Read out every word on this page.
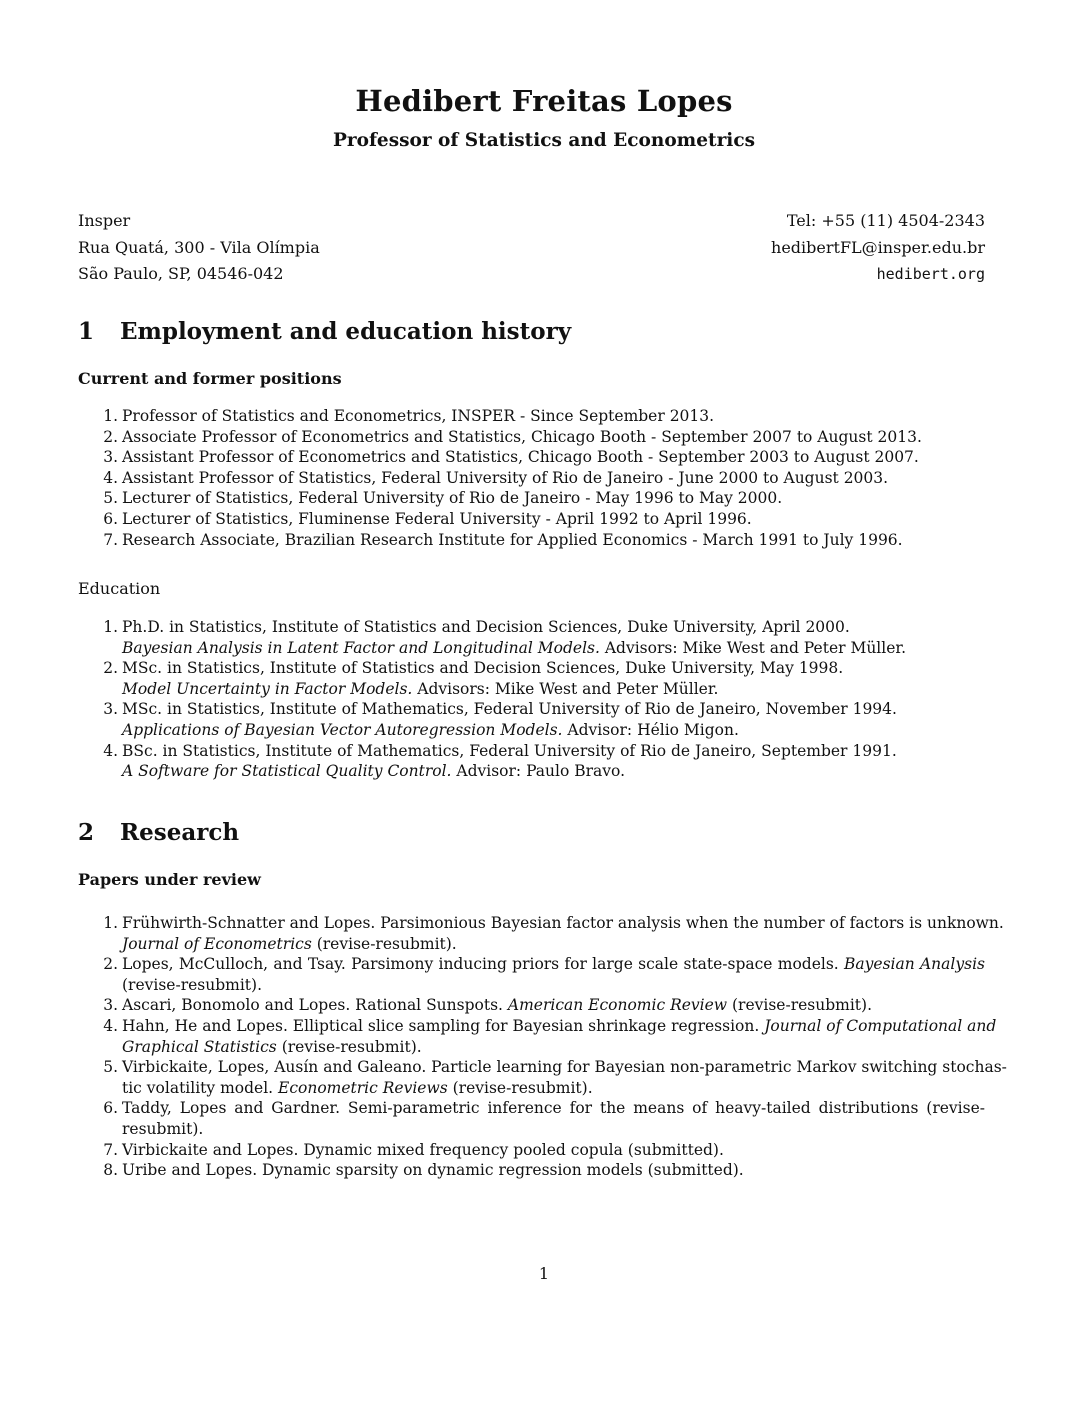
Hedibert Freitas Lopes
Professor of Statistics and Econometrics
Insper
Rua Quatá, 300 - Vila Olímpia
São Paulo, SP, 04546-042
Tel: +55 (11) 4504-2343
hedibertFL@insper.edu.br
hedibert.org
1 Employment and education history
Current and former positions
1. Professor of Statistics and Econometrics, INSPER - Since September 2013.
2. Associate Professor of Econometrics and Statistics, Chicago Booth - September 2007 to August 2013.
3. Assistant Professor of Econometrics and Statistics, Chicago Booth - September 2003 to August 2007.
4. Assistant Professor of Statistics, Federal University of Rio de Janeiro - June 2000 to August 2003.
5. Lecturer of Statistics, Federal University of Rio de Janeiro - May 1996 to May 2000.
6. Lecturer of Statistics, Fluminense Federal University - April 1992 to April 1996.
7. Research Associate, Brazilian Research Institute for Applied Economics - March 1991 to July 1996.
Education
1. Ph.D. in Statistics, Institute of Statistics and Decision Sciences, Duke University, April 2000.
Bayesian Analysis in Latent Factor and Longitudinal Models. Advisors: Mike West and Peter Müller.
2. MSc. in Statistics, Institute of Statistics and Decision Sciences, Duke University, May 1998.
Model Uncertainty in Factor Models. Advisors: Mike West and Peter Müller.
3. MSc. in Statistics, Institute of Mathematics, Federal University of Rio de Janeiro, November 1994.
Applications of Bayesian Vector Autoregression Models. Advisor: Hélio Migon.
4. BSc. in Statistics, Institute of Mathematics, Federal University of Rio de Janeiro, September 1991.
A Software for Statistical Quality Control. Advisor: Paulo Bravo.
2 Research
Papers under review
1. Frühwirth-Schnatter and Lopes. Parsimonious Bayesian factor analysis when the number of factors is unknown.
Journal of Econometrics (revise-resubmit).
2. Lopes, McCulloch, and Tsay. Parsimony inducing priors for large scale state-space models. Bayesian Analysis
(revise-resubmit).
3. Ascari, Bonomolo and Lopes. Rational Sunspots. American Economic Review (revise-resubmit).
4. Hahn, He and Lopes. Elliptical slice sampling for Bayesian shrinkage regression. Journal of Computational and
Graphical Statistics (revise-resubmit).
5. Virbickaite, Lopes, Ausín and Galeano. Particle learning for Bayesian non-parametric Markov switching stochas-
tic volatility model. Econometric Reviews (revise-resubmit).
6. Taddy, Lopes and Gardner. Semi-parametric inference for the means of heavy-tailed distributions (revise-
resubmit).
7. Virbickaite and Lopes. Dynamic mixed frequency pooled copula (submitted).
8. Uribe and Lopes. Dynamic sparsity on dynamic regression models (submitted).
1
